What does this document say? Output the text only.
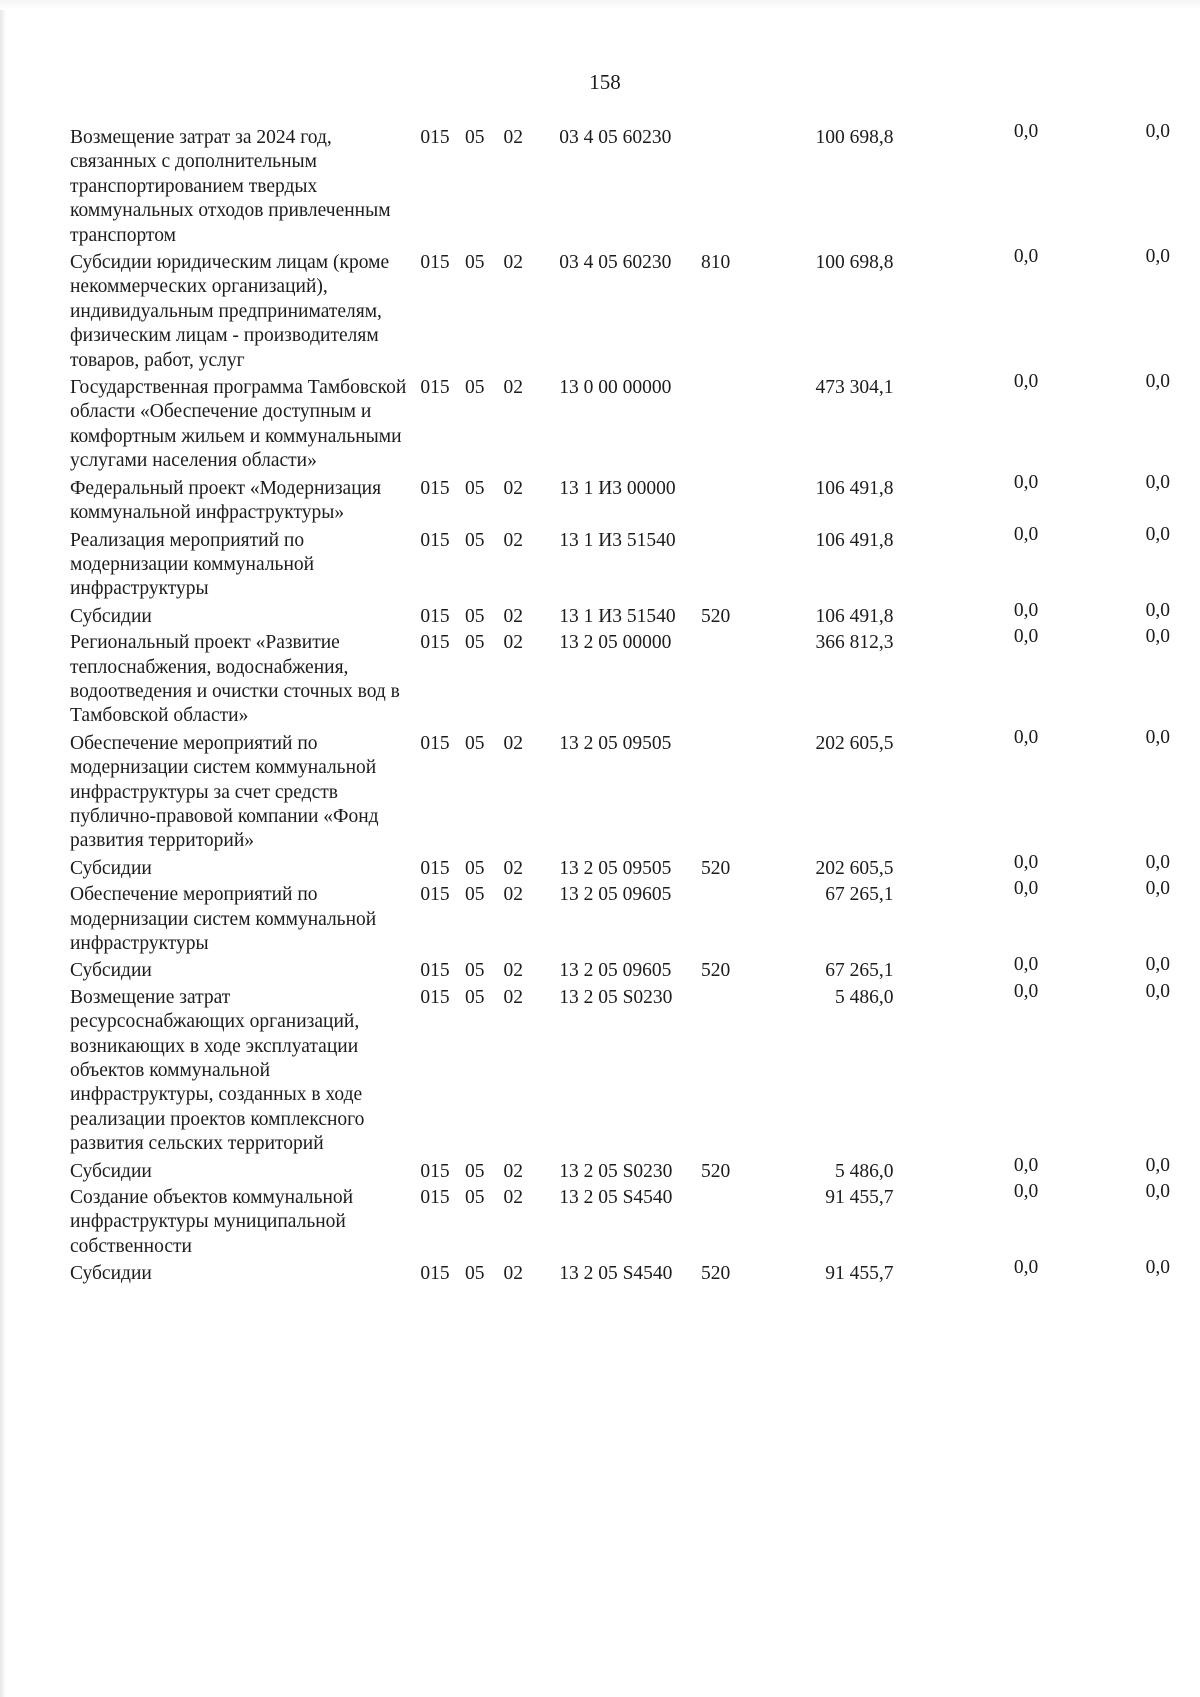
158
Возмещение затрат за 2024 год, связанных с дополнительным транспортированием твердых коммунальных отходов привлеченным транспортом	015	05	02	03 4 05 60230		100 698,8	0,0	0,0
Субсидии юридическим лицам (кроме некоммерческих организаций), индивидуальным предпринимателям, физическим лицам - производителям товаров, работ, услуг	015	05	02	03 4 05 60230	810	100 698,8	0,0	0,0
Государственная программа Тамбовской области «Обеспечение доступным и комфортным жильем и коммунальными услугами населения области»	015	05	02	13 0 00 00000		473 304,1	0,0	0,0
Федеральный проект «Модернизация коммунальной инфраструктуры»	015	05	02	13 1 И3 00000		106 491,8	0,0	0,0
Реализация мероприятий по модернизации коммунальной инфраструктуры	015	05	02	13 1 И3 51540		106 491,8	0,0	0,0
Субсидии	015	05	02	13 1 И3 51540	520	106 491,8	0,0	0,0
Региональный проект «Развитие теплоснабжения, водоснабжения, водоотведения и очистки сточных вод в Тамбовской области»	015	05	02	13 2 05 00000		366 812,3	0,0	0,0
Обеспечение мероприятий по модернизации систем коммунальной инфраструктуры за счет средств публично-правовой компании «Фонд развития территорий»	015	05	02	13 2 05 09505		202 605,5	0,0	0,0
Субсидии	015	05	02	13 2 05 09505	520	202 605,5	0,0	0,0
Обеспечение мероприятий по модернизации систем коммунальной инфраструктуры	015	05	02	13 2 05 09605		67 265,1	0,0	0,0
Субсидии	015	05	02	13 2 05 09605	520	67 265,1	0,0	0,0
Возмещение затрат ресурсоснабжающих организаций, возникающих в ходе эксплуатации объектов коммунальной инфраструктуры, созданных в ходе реализации проектов комплексного развития сельских территорий	015	05	02	13 2 05 S0230		5 486,0	0,0	0,0
Субсидии	015	05	02	13 2 05 S0230	520	5 486,0	0,0	0,0
Создание объектов коммунальной инфраструктуры муниципальной собственности	015	05	02	13 2 05 S4540		91 455,7	0,0	0,0
Субсидии	015	05	02	13 2 05 S4540	520	91 455,7	0,0	0,0
